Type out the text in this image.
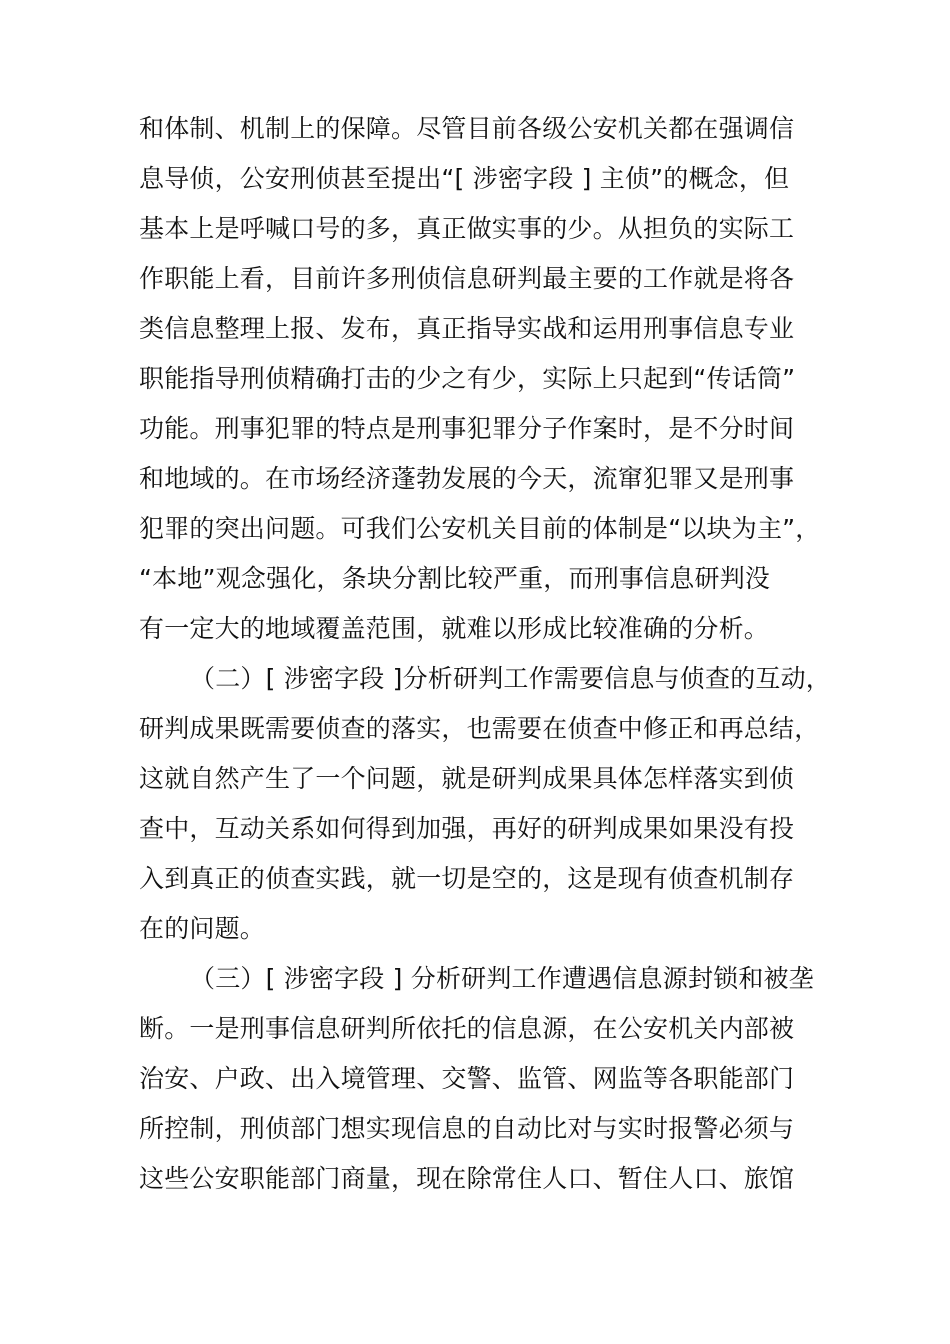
和体制、机制上的保障。尽管目前各级公安机关都在强调信
息导侦，公安刑侦甚至提出“[ 涉密字段 ] 主侦”的概念，但
基本上是呼喊口号的多，真正做实事的少。从担负的实际工
作职能上看，目前许多刑侦信息研判最主要的工作就是将各
类信息整理上报、发布，真正指导实战和运用刑事信息专业
职能指导刑侦精确打击的少之有少，实际上只起到“传话筒”
功能。刑事犯罪的特点是刑事犯罪分子作案时，是不分时间
和地域的。在市场经济蓬勃发展的今天，流窜犯罪又是刑事
犯罪的突出问题。可我们公安机关目前的体制是“以块为主”，
“本地”观念强化，条块分割比较严重，而刑事信息研判没
有一定大的地域覆盖范围，就难以形成比较准确的分析。
（二）[ 涉密字段 ]分析研判工作需要信息与侦查的互动，
研判成果既需要侦查的落实，也需要在侦查中修正和再总结，
这就自然产生了一个问题，就是研判成果具体怎样落实到侦
查中，互动关系如何得到加强，再好的研判成果如果没有投
入到真正的侦查实践，就一切是空的，这是现有侦查机制存
在的问题。
（三）[ 涉密字段 ] 分析研判工作遭遇信息源封锁和被垄
断。一是刑事信息研判所依托的信息源，在公安机关内部被
治安、户政、出入境管理、交警、监管、网监等各职能部门
所控制，刑侦部门想实现信息的自动比对与实时报警必须与
这些公安职能部门商量，现在除常住人口、暂住人口、旅馆
